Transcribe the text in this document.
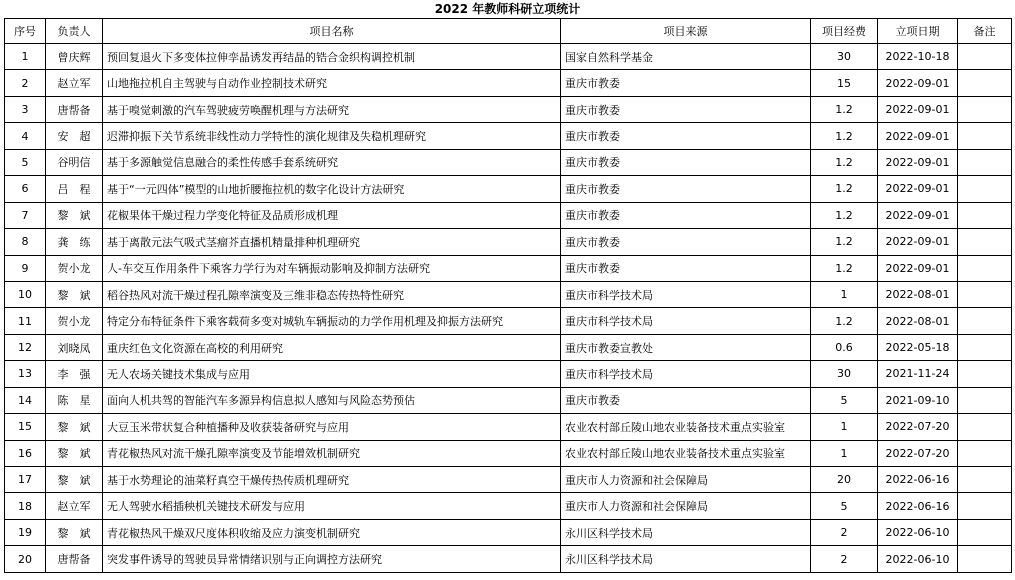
2022 年教师科研立项统计
序号	负责人	项目名称	项目来源	项目经费	立项日期	备注
1	曾庆辉	预回复退火下多变体拉伸孪晶诱发再结晶的锆合金织构调控机制	国家自然科学基金	30	2022-10-18	
2	赵立军	山地拖拉机自主驾驶与自动作业控制技术研究	重庆市教委	15	2022-09-01	
3	唐帮备	基于嗅觉刺激的汽车驾驶疲劳唤醒机理与方法研究	重庆市教委	1.2	2022-09-01	
4	安　超	迟滞抑振下关节系统非线性动力学特性的演化规律及失稳机理研究	重庆市教委	1.2	2022-09-01	
5	谷明信	基于多源触觉信息融合的柔性传感手套系统研究	重庆市教委	1.2	2022-09-01	
6	吕　程	基于“一元四体”模型的山地折腰拖拉机的数字化设计方法研究	重庆市教委	1.2	2022-09-01	
7	黎　斌	花椒果体干燥过程力学变化特征及品质形成机理	重庆市教委	1.2	2022-09-01	
8	龚　练	基于离散元法气吸式茎瘤芥直播机精量排种机理研究	重庆市教委	1.2	2022-09-01	
9	贺小龙	人-车交互作用条件下乘客力学行为对车辆振动影响及抑制方法研究	重庆市教委	1.2	2022-09-01	
10	黎　斌	稻谷热风对流干燥过程孔隙率演变及三维非稳态传热特性研究	重庆市科学技术局	1	2022-08-01	
11	贺小龙	特定分布特征条件下乘客载荷多变对城轨车辆振动的力学作用机理及抑振方法研究	重庆市科学技术局	1.2	2022-08-01	
12	刘晓凤	重庆红色文化资源在高校的利用研究	重庆市教委宣教处	0.6	2022-05-18	
13	李　强	无人农场关键技术集成与应用	重庆市科学技术局	30	2021-11-24	
14	陈　星	面向人机共驾的智能汽车多源异构信息拟人感知与风险态势预估	重庆市教委	5	2021-09-10	
15	黎　斌	大豆玉米带状复合种植播种及收获装备研究与应用	农业农村部丘陵山地农业装备技术重点实验室	1	2022-07-20	
16	黎　斌	青花椒热风对流干燥孔隙率演变及节能增效机制研究	农业农村部丘陵山地农业装备技术重点实验室	1	2022-07-20	
17	黎　斌	基于水势理论的油菜籽真空干燥传热传质机理研究	重庆市人力资源和社会保障局	20	2022-06-16	
18	赵立军	无人驾驶水稻插秧机关键技术研发与应用	重庆市人力资源和社会保障局	5	2022-06-16	
19	黎　斌	青花椒热风干燥双尺度体积收缩及应力演变机制研究	永川区科学技术局	2	2022-06-10	
20	唐帮备	突发事件诱导的驾驶员异常情绪识别与正向调控方法研究	永川区科学技术局	2	2022-06-10	
